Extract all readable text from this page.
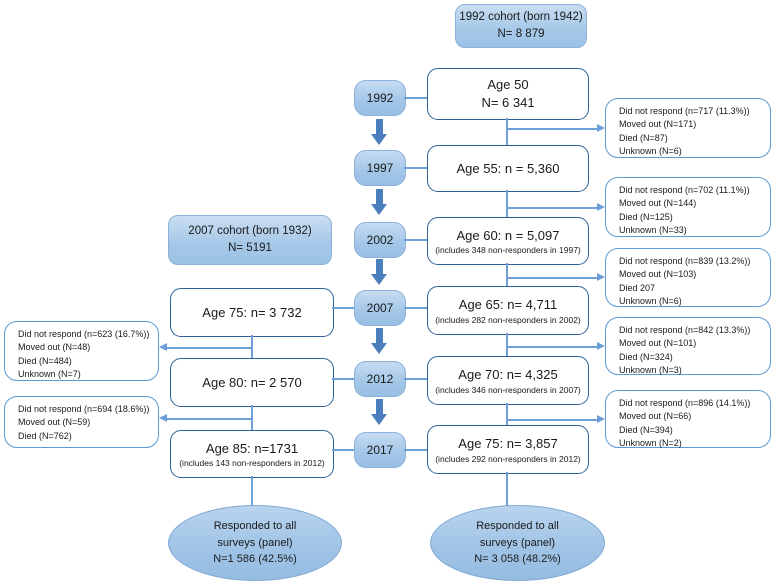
1992 cohort (born 1942)
N= 8 879
2007 cohort (born 1932)
N= 5191
1992
1997
2002
2007
2012
2017
Age 50
N= 6 341
Age 55: n = 5,360
Age 60: n = 5,097
(includes 348 non-responders in 1997)
Age 65: n= 4,711
(includes 282 non-responders in 2002)
Age 70: n= 4,325
(includes 346 non-responders in 2007)
Age 75: n= 3,857
(includes 292 non-responders in 2012)
Age 75: n= 3 732
Age 80: n= 2 570
Age 85: n=1731
(includes 143 non-responders in 2012)
Did not respond (n=717 (11.3%))
Moved out (N=171)
Died (N=87)
Unknown (N=6)
Did not respond (n=702 (11.1%))
Moved out (N=144)
Died (N=125)
Unknown (N=33)
Did not respond (n=839 (13.2%))
Moved out (N=103)
Died 207
Unknown (N=6)
Did not respond (n=842 (13.3%))
Moved out (N=101)
Died (N=324)
Unknown (N=3)
Did not respond (n=896 (14.1%))
Moved out (N=66)
Died (N=394)
Unknown (N=2)
Did not respond (n=623 (16.7%))
Moved out (N=48)
Died (N=484)
Unknown (N=7)
Did not respond (n=694 (18.6%))
Moved out (N=59)
Died (N=762)
Responded to all
surveys (panel)
N=1 586 (42.5%)
Responded to all
surveys (panel)
N= 3 058 (48.2%)
